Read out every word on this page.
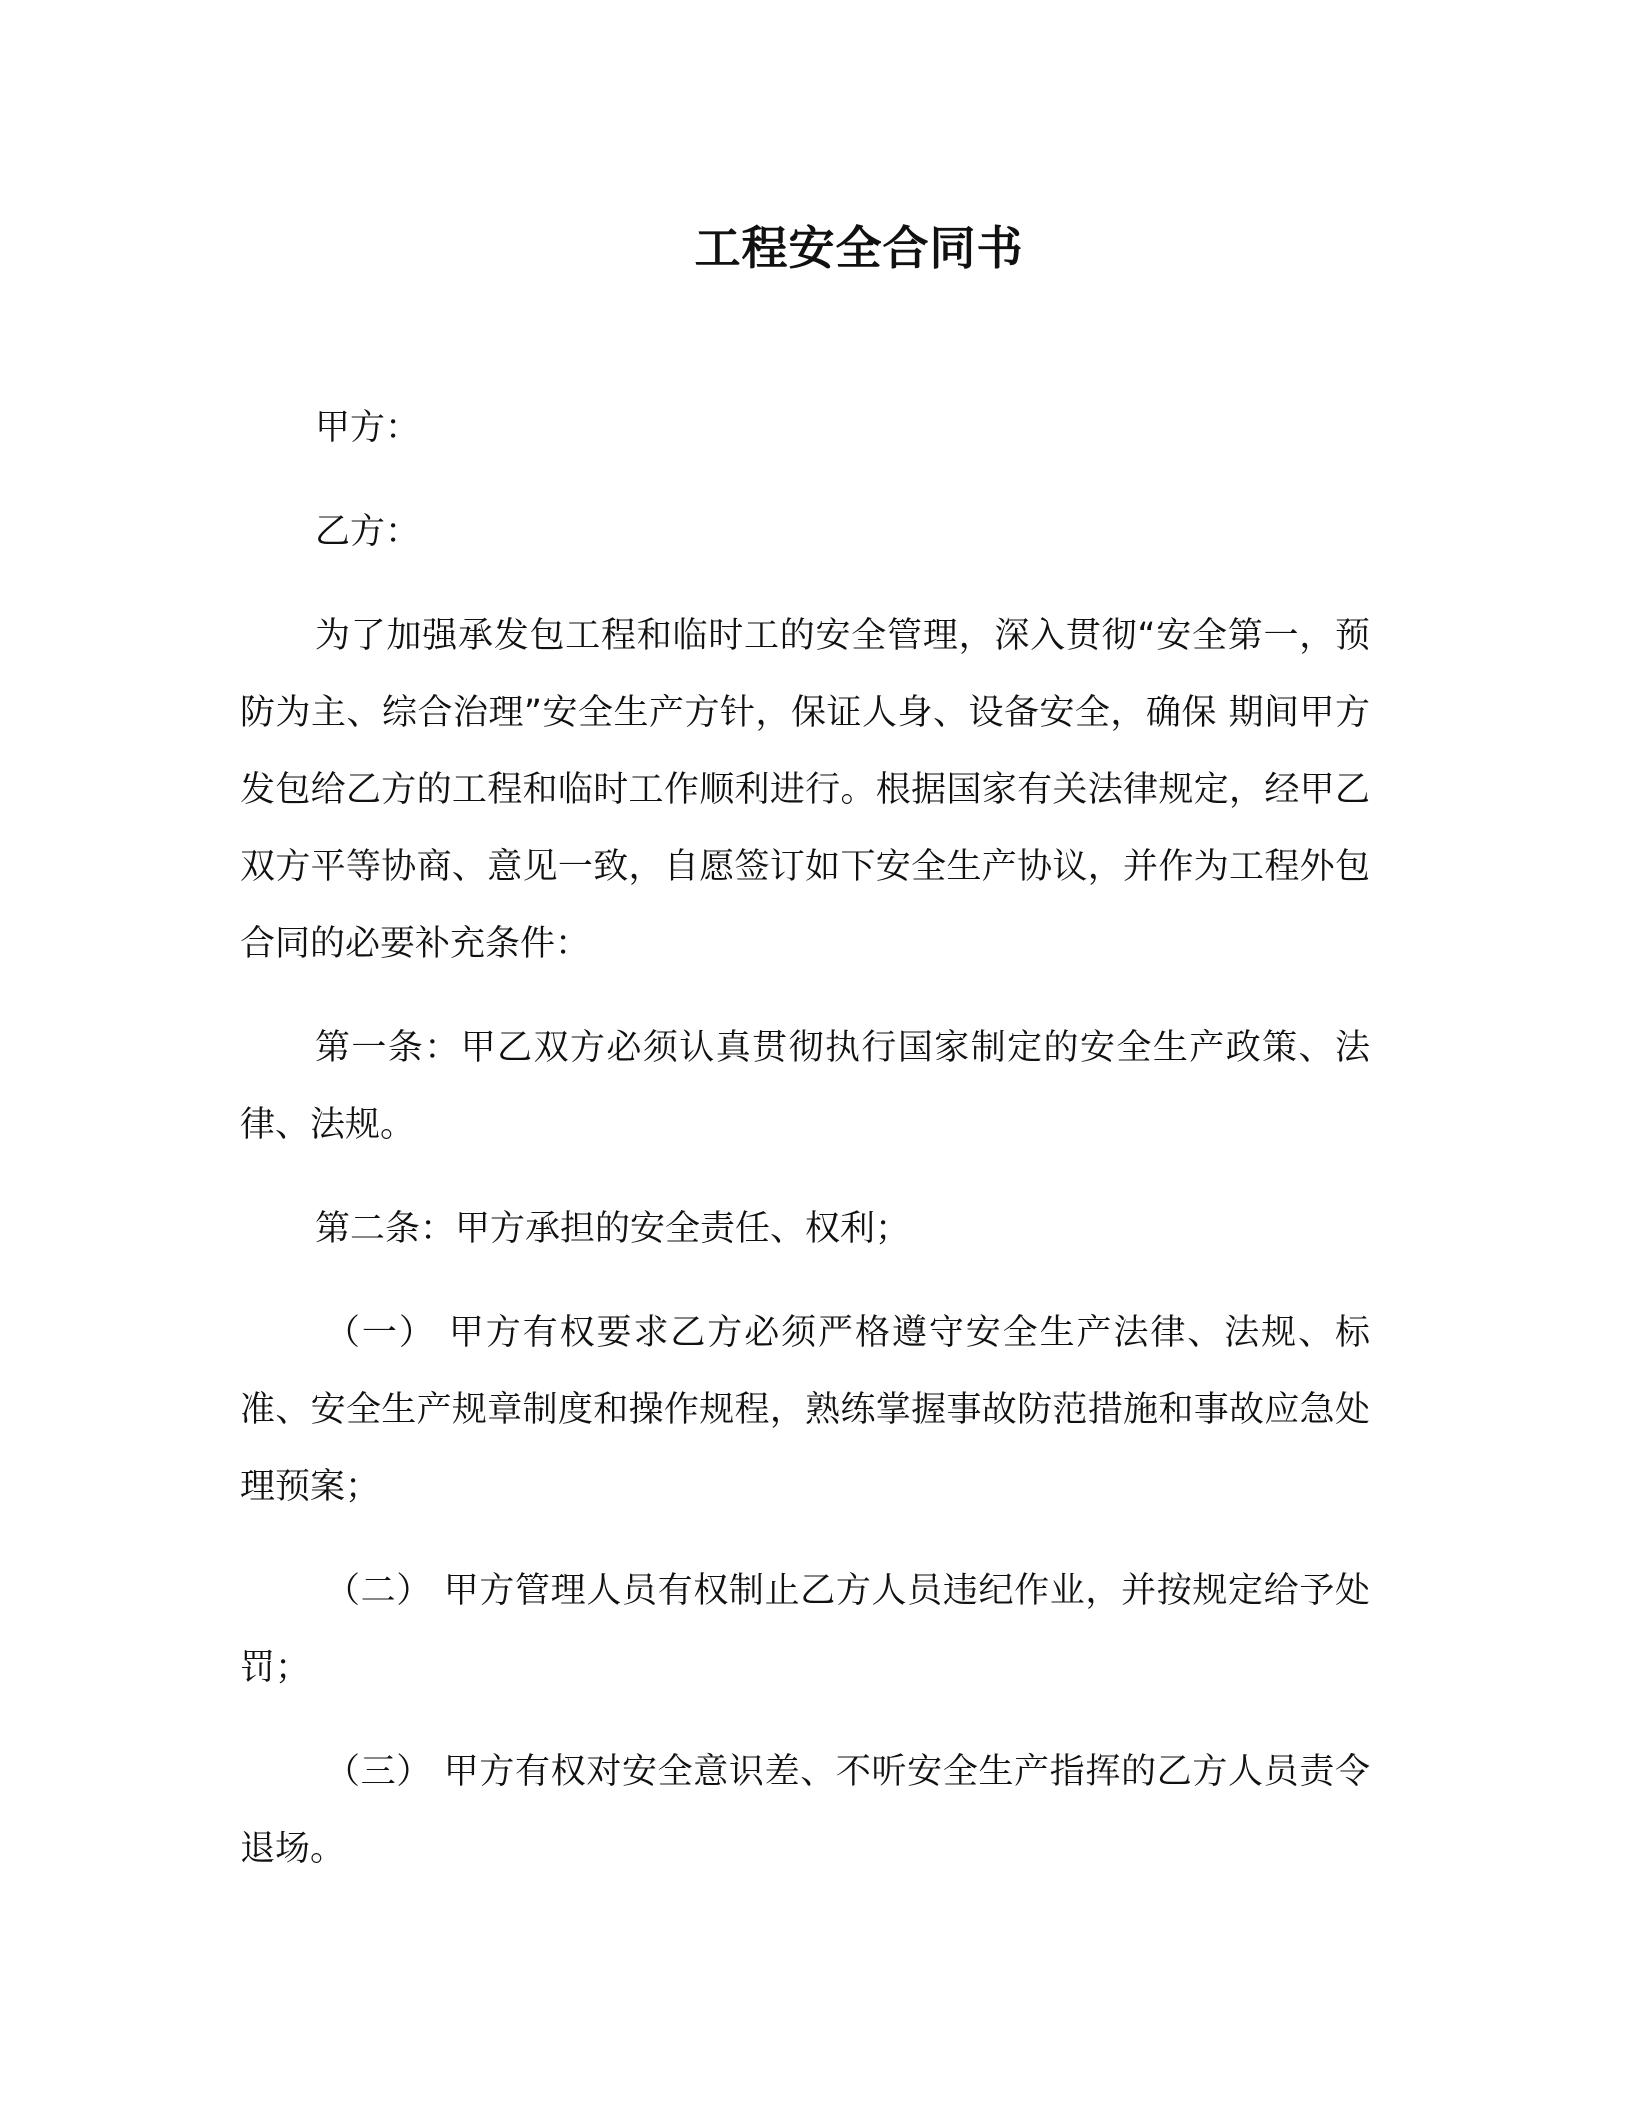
工程安全合同书

甲方：

乙方：

为了加强承发包工程和临时工的安全管理，深入贯彻“安全第一，预防为主、综合治理”安全生产方针，保证人身、设备安全，确保 期间甲方发包给乙方的工程和临时工作顺利进行。根据国家有关法律规定，经甲乙双方平等协商、意见一致，自愿签订如下安全生产协议，并作为工程外包合同的必要补充条件：

第一条：甲乙双方必须认真贯彻执行国家制定的安全生产政策、法律、法规。

第二条：甲方承担的安全责任、权利；

（一） 甲方有权要求乙方必须严格遵守安全生产法律、法规、标准、安全生产规章制度和操作规程，熟练掌握事故防范措施和事故应急处理预案；

（二） 甲方管理人员有权制止乙方人员违纪作业，并按规定给予处罚；

（三） 甲方有权对安全意识差、不听安全生产指挥的乙方人员责令退场。
